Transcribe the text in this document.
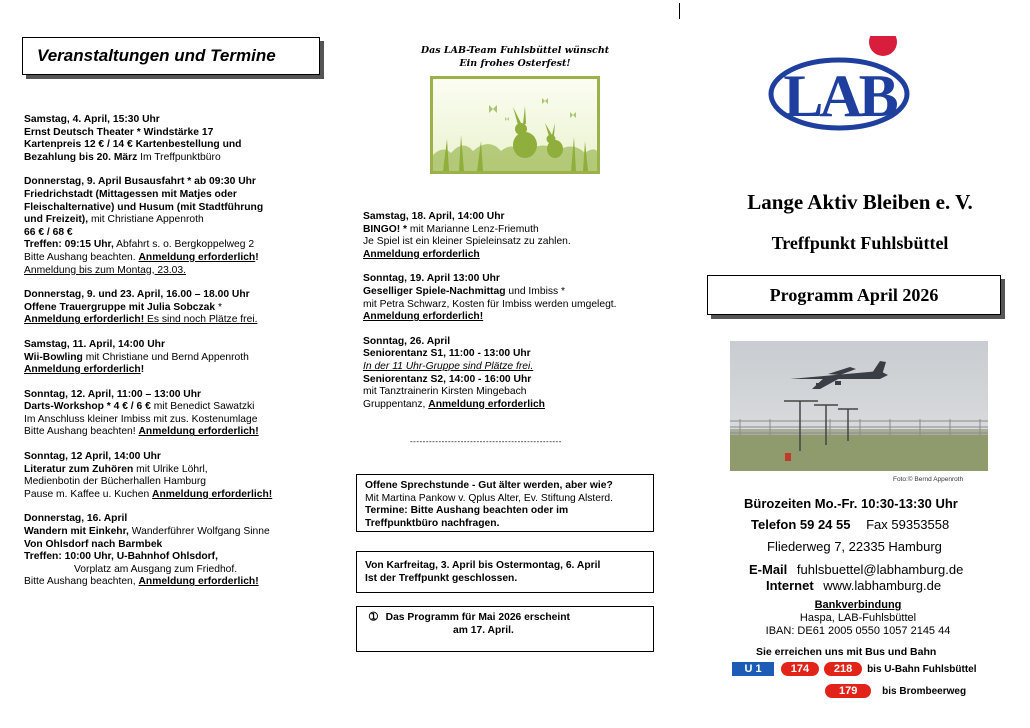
Veranstaltungen und Termine
Samstag, 4. April, 15:30 Uhr
Ernst Deutsch Theater * Windstärke 17
Kartenpreis 12 € / 14 € Kartenbestellung und
Bezahlung bis 20. März Im Treffpunktbüro
Donnerstag, 9. April Busausfahrt * ab 09:30 Uhr
Friedrichstadt (Mittagessen mit Matjes oder
Fleischalternative) und Husum (mit Stadtführung
und Freizeit), mit Christiane Appenroth
66 € / 68 €
Treffen: 09:15 Uhr, Abfahrt s. o. Bergkoppelweg 2
Bitte Aushang beachten. Anmeldung erforderlich!
Anmeldung bis zum Montag, 23.03.
Donnerstag, 9. und 23. April, 16.00 – 18.00 Uhr
Offene Trauergruppe mit Julia Sobczak *
Anmeldung erforderlich! Es sind noch Plätze frei.
Samstag, 11. April, 14:00 Uhr
Wii-Bowling mit Christiane und Bernd Appenroth
Anmeldung erforderlich!
Sonntag, 12. April, 11:00 – 13:00 Uhr
Darts-Workshop * 4 € / 6 € mit Benedict Sawatzki
Im Anschluss kleiner Imbiss mit zus. Kostenumlage
Bitte Aushang beachten! Anmeldung erforderlich!
Sonntag, 12 April, 14:00 Uhr
Literatur zum Zuhören mit Ulrike Löhrl,
Medienbotin der Bücherhallen Hamburg
Pause m. Kaffee u. Kuchen Anmeldung erforderlich!
Donnerstag, 16. April
Wandern mit Einkehr, Wanderführer Wolfgang Sinne
Von Ohlsdorf nach Barmbek
Treffen: 10:00 Uhr, U-Bahnhof Ohlsdorf,
Vorplatz am Ausgang zum Friedhof.
Bitte Aushang beachten, Anmeldung erforderlich!
Das LAB-Team Fuhlsbüttel wünscht
Ein frohes Osterfest!
Samstag, 18. April, 14:00 Uhr
BINGO! * mit Marianne Lenz-Friemuth
Je Spiel ist ein kleiner Spieleinsatz zu zahlen.
Anmeldung erforderlich
Sonntag, 19. April 13:00 Uhr
Geselliger Spiele-Nachmittag und Imbiss *
mit Petra Schwarz, Kosten für Imbiss werden umgelegt.
Anmeldung erforderlich!
Sonntag, 26. April
Seniorentanz S1, 11:00 - 13:00 Uhr
In der 11 Uhr-Gruppe sind Plätze frei.
Seniorentanz S2, 14:00 - 16:00 Uhr
mit Tanztrainerin Kirsten Mingebach
Gruppentanz, Anmeldung erforderlich
------------------------------------------------
Offene Sprechstunde - Gut älter werden, aber wie?
Mit Martina Pankow v. Qplus Alter, Ev. Stiftung Alsterd.
Termine: Bitte Aushang beachten oder im
Treffpunktbüro nachfragen.
Von Karfreitag, 3. April bis Ostermontag, 6. April
Ist der Treffpunkt geschlossen.
➀ Das Programm für Mai 2026 erscheint
am 17. April.
LAB
Lange Aktiv Bleiben e. V.
Treffpunkt Fuhlsbüttel
Programm April 2026
Foto:© Bernd Appenroth
Bürozeiten Mo.-Fr. 10:30-13:30 Uhr
Telefon 59 24 55 Fax 59353558
Fliederweg 7, 22335 Hamburg
E-Mail fuhlsbuettel@labhamburg.de
Internet www.labhamburg.de
Bankverbindung
Haspa, LAB-Fuhlsbüttel
IBAN: DE61 2005 0550 1057 2145 44
Sie erreichen uns mit Bus und Bahn
U 1	174 218 bis U-Bahn Fuhlsbüttel
179 bis Brombeerweg
